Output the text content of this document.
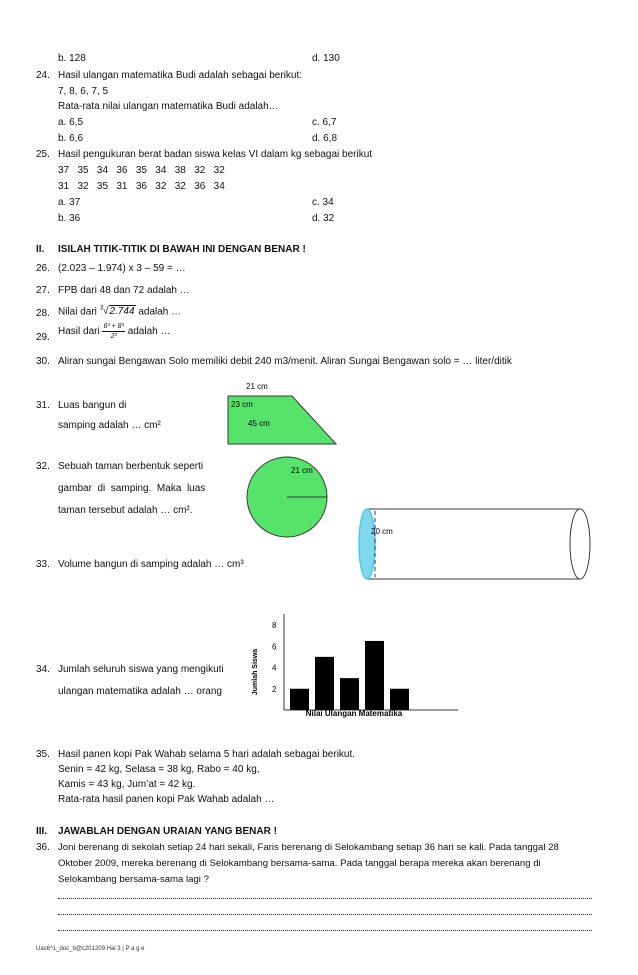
b. 128	d. 130
24. Hasil ulangan matematika Budi adalah sebagai berikut:
7, 8, 6, 7, 5
Rata-rata nilai ulangan matematika Budi adalah…
a. 6,5	c. 6,7
b. 6,6	d. 6,8
25. Hasil pengukuran berat badan siswa kelas VI dalam kg sebagai berikut
37   35   34   36   35   34   38   32   32
31   32   35   31   36   32   32   36   34
a. 37	c. 34
b. 36	d. 32
II. ISILAH TITIK-TITIK DI BAWAH INI DENGAN BENAR !
26. (2.023 – 1.974) x 3 – 59 = …
27. FPB dari 48 dan 72 adalah …
28. Nilai dari $^3$√2.744 adalah …
29.
Hasil dari $\frac{\text{6³ + 8³}}{\text{2³}}$ adalah …
30. Aliran sungai Bengawan Solo memiliki debit 240 m3/menit. Aliran Sungai Bengawan solo = … liter/ditik
31. Luas bangun di
samping adalah … cm²
21 cm
23 cm
45 cm
32. Sebuah taman berbentuk seperti
gambar  di  samping.  Maka  luas
taman tersebut adalah … cm².
21 cm
33. Volume bangun di samping adalah … cm³
20 cm
34. Jumlah seluruh siswa yang mengikuti
ulangan matematika adalah … orang	Jumlah Siswa
8
6
4
2
Nilai Ulangan Matematika
35. Hasil panen kopi Pak Wahab selama 5 hari adalah sebagai berikut.
Senin = 42 kg, Selasa = 38 kg, Rabo = 40 kg,
Kamis = 43 kg, Jum’at = 42 kg.
Rata-rata hasil panen kopi Pak Wahab adalah …
III. JAWABLAH DENGAN URAIAN YANG BENAR !
36. Joni berenang di sekolah setiap 24 hari sekali, Faris berenang di Selokambang setiap 36 hari se kali. Pada tanggal 28
Oktober 2009, mereka berenang di Selokambang bersama-sama. Pada tanggal berapa mereka akan berenang di
Selokambang bersama-sama lagi ?
Uas6^1_doc_b@c201209.Hal 3 | P a g e
